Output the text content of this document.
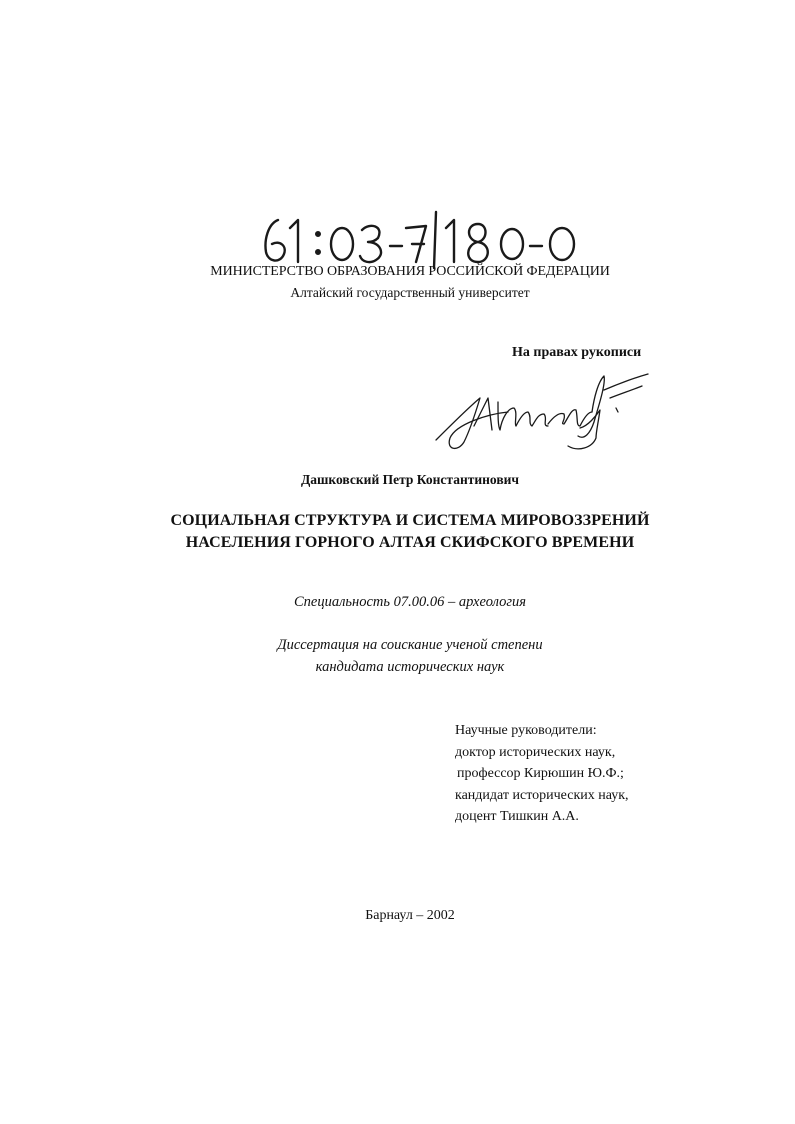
МИНИСТЕРСТВО ОБРАЗОВАНИЯ РОССИЙСКОЙ ФЕДЕРАЦИИ
Алтайский государственный университет
На правах рукописи
Дашковский Петр Константинович
СОЦИАЛЬНАЯ СТРУКТУРА И СИСТЕМА МИРОВОЗЗРЕНИЙ
НАСЕЛЕНИЯ ГОРНОГО АЛТАЯ СКИФСКОГО ВРЕМЕНИ
Специальность 07.00.06 – археология
Диссертация на соискание ученой степени
кандидата исторических наук
Научные руководители:
доктор исторических наук,
профессор Кирюшин Ю.Ф.;
кандидат исторических наук,
доцент Тишкин А.А.
Барнаул – 2002
